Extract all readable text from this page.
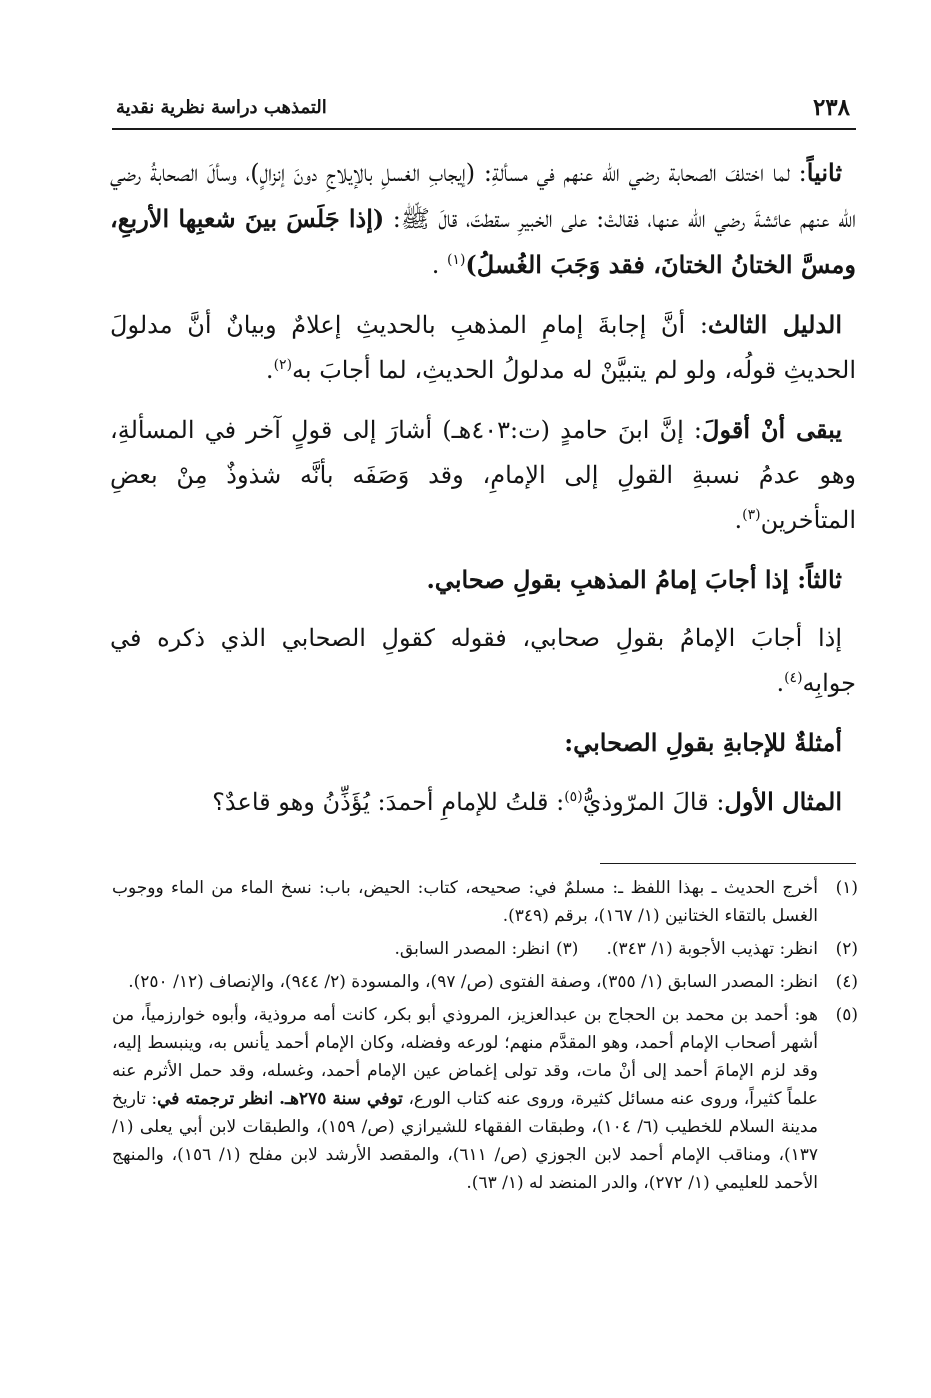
٢٣٨
التمذهب دراسة نظرية نقدية

ثانياً: لما اختلفَ الصحابة رضي الله عنهم في مسألةِ: (إيجابِ الغسلِ بالإيلاجِ دونَ إنزالٍ)، وسألَ الصحابةُ رضي الله عنهم عائشةَ رضي الله عنها، فقالتْ: على الخبيرِ سقطتَ، قالَ ﷺ: (إذا جَلَسَ بينَ شعبِها الأربعِ، ومسَّ الختانُ الختانَ، فقد وَجَبَ الغُسلُ)$^{(١)}$ .

الدليل الثالث: أنَّ إجابةَ إمامِ المذهبِ بالحديثِ إعلامٌ وبيانٌ أنَّ مدلولَ الحديثِ قولُه، ولو لم يتبيَّنْ له مدلولُ الحديثِ، لما أجابَ به$^{(٢)}$.

يبقى أنْ أقولَ: إنَّ ابنَ حامدٍ (ت:٤٠٣هـ) أشارَ إلى قولٍ آخر في المسألةِ، وهو عدمُ نسبةِ القولِ إلى الإمامِ، وقد وَصَفَه بأنَّه شذوذٌ مِنْ بعضِ المتأخرين$^{(٣)}$.

ثالثاً: إذا أجابَ إمامُ المذهبِ بقولِ صحابي.

إذا أجابَ الإمامُ بقولِ صحابي، فقوله كقولِ الصحابي الذي ذكره في جوابِه$^{(٤)}$.

أمثلةٌ للإجابةِ بقولِ الصحابي:

المثال الأول: قالَ المرّوذيُّ$^{(٥)}$: قلتُ للإمامِ أحمدَ: يُؤَذِّنُ وهو قاعدٌ؟

(١)
أخرج الحديث ـ بهذا اللفظ ـ: مسلمٌ في: صحيحه، كتاب: الحيض، باب: نسخ الماء من الماء ووجوب الغسل بالتقاء الختانين (١/ ١٦٧)، برقم (٣٤٩).
(٢)
انظر: تهذيب الأجوبة (١/ ٣٤٣).(٣)انظر: المصدر السابق.
(٤)
انظر: المصدر السابق (١/ ٣٥٥)، وصفة الفتوى (ص/ ٩٧)، والمسودة (٢/ ٩٤٤)، والإنصاف (١٢/ ٢٥٠).
(٥)
هو: أحمد بن محمد بن الحجاج بن عبدالعزيز، المروذي أبو بكر، كانت أمه مروذية، وأبوه خوارزمياً، من أشهر أصحاب الإمام أحمد، وهو المقدَّم منهم؛ لورعه وفضله، وكان الإمام أحمد يأنس به، وينبسط إليه، وقد لزم الإمامَ أحمد إلى أنْ مات، وقد تولى إغماض عين الإمام أحمد، وغسله، وقد حمل الأثرم عنه علماً كثيراً، وروى عنه مسائل كثيرة، وروى عنه كتاب الورع، توفي سنة ٢٧٥هـ. انظر ترجمته في: تاريخ مدينة السلام للخطيب (٦/ ١٠٤)، وطبقات الفقهاء للشيرازي (ص/ ١٥٩)، والطبقات لابن أبي يعلى (١/ ١٣٧)، ومناقب الإمام أحمد لابن الجوزي (ص/ ٦١١)، والمقصد الأرشد لابن مفلح (١/ ١٥٦)، والمنهج الأحمد للعليمي (١/ ٢٧٢)، والدر المنضد له (١/ ٦٣).
